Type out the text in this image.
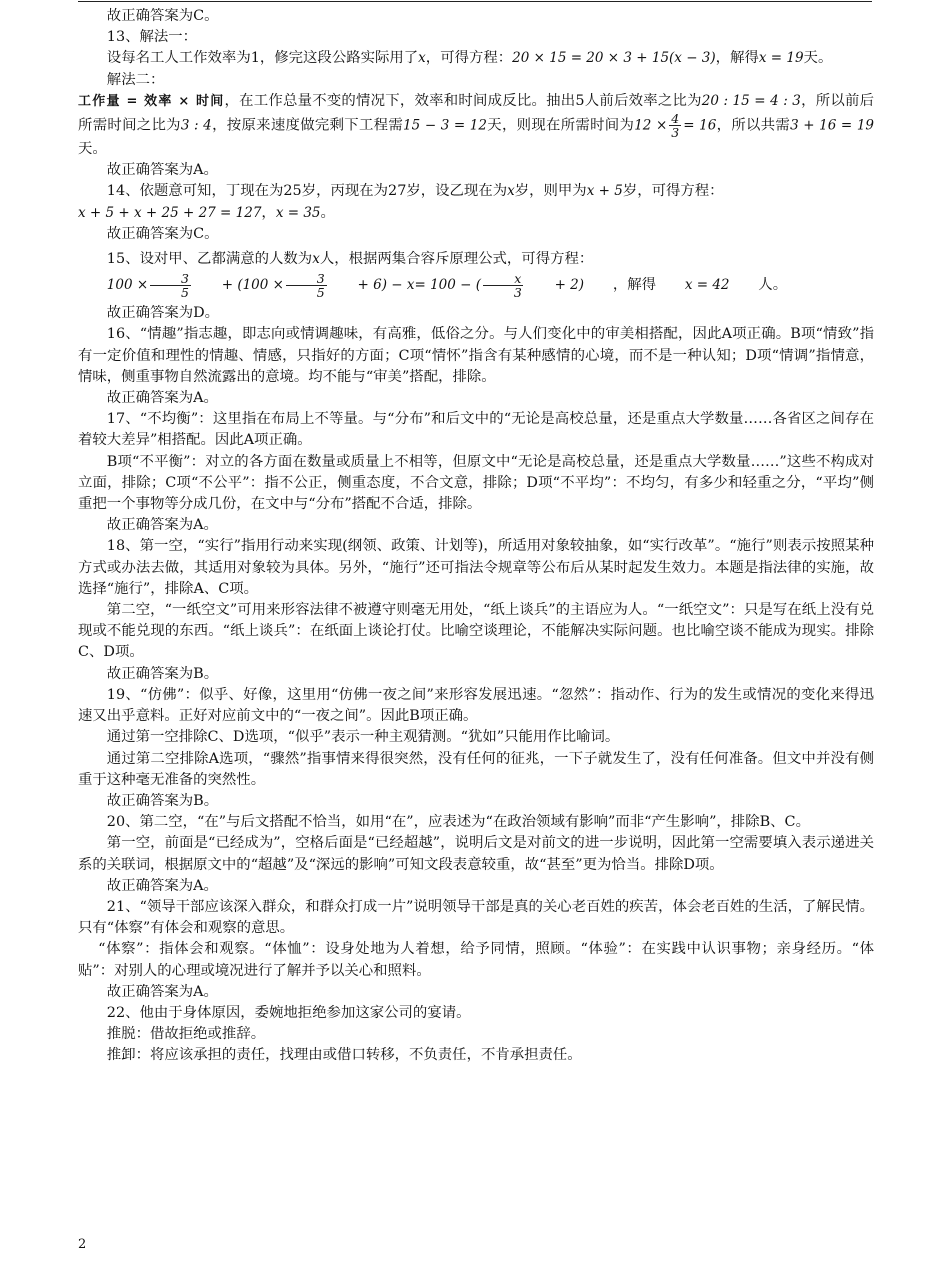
故正确答案为C。

13、解法一：

设每名工人工作效率为1，修完这段公路实际用了x，可得方程：20 × 15 = 20 × 3 + 15(x − 3)，解得x = 19天。

解法二：

工作量 = 效率 × 时间，在工作总量不变的情况下，效率和时间成反比。抽出5人前后效率之比为20 : 15 = 4 : 3，所以前后所需时间之比为3 : 4，按原来速度做完剩下工程需15 − 3 = 12天，则现在所需时间为$12 \times \frac{4}{3} = 16$，所以共需3 + 16 = 19天。

故正确答案为A。

14、依题意可知，丁现在为25岁，丙现在为27岁，设乙现在为x岁，则甲为x + 5岁，可得方程：

x + 5 + x + 25 + 27 = 127，x = 35。

故正确答案为C。

15、设对甲、乙都满意的人数为x人，根据两集合容斥原理公式，可得方程：

$100 \times \frac{3}{5}$	+ ($100 \times \frac{3}{5}$	+ 6) − x= 100 − ( $\frac{x}{3}$	+ 2)	，解得	x = 42	人。

故正确答案为D。

16、“情趣”指志趣，即志向或情调趣味，有高雅，低俗之分。与人们变化中的审美相搭配，因此A项正确。B项“情致”指有一定价值和理性的情趣、情感，只指好的方面；C项“情怀”指含有某种感情的心境，而不是一种认知；D项“情调”指情意，情味，侧重事物自然流露出的意境。均不能与“审美”搭配，排除。

故正确答案为A。

17、“不均衡”：这里指在布局上不等量。与“分布”和后文中的“无论是高校总量，还是重点大学数量……各省区之间存在着较大差异”相搭配。因此A项正确。

B项“不平衡”：对立的各方面在数量或质量上不相等，但原文中“无论是高校总量，还是重点大学数量……”这些不构成对立面，排除；C项“不公平”：指不公正，侧重态度，不合文意，排除；D项“不平均”：不均匀，有多少和轻重之分，“平均”侧重把一个事物等分成几份，在文中与“分布”搭配不合适，排除。

故正确答案为A。

18、第一空，“实行”指用行动来实现(纲领、政策、计划等)，所适用对象较抽象，如“实行改革”。“施行”则表示按照某种方式或办法去做，其适用对象较为具体。另外，“施行”还可指法令规章等公布后从某时起发生效力。本题是指法律的实施，故选择“施行”，排除A、C项。

第二空，“一纸空文”可用来形容法律不被遵守则毫无用处，“纸上谈兵”的主语应为人。“一纸空文”：只是写在纸上没有兑现或不能兑现的东西。“纸上谈兵”：在纸面上谈论打仗。比喻空谈理论，不能解决实际问题。也比喻空谈不能成为现实。排除C、D项。

故正确答案为B。

19、“仿佛”：似乎、好像，这里用“仿佛一夜之间”来形容发展迅速。“忽然”：指动作、行为的发生或情况的变化来得迅速又出乎意料。正好对应前文中的“一夜之间”。因此B项正确。

通过第一空排除C、D选项，“似乎”表示一种主观猜测。“犹如”只能用作比喻词。

通过第二空排除A选项，“骤然”指事情来得很突然，没有任何的征兆，一下子就发生了，没有任何准备。但文中并没有侧重于这种毫无准备的突然性。

故正确答案为B。

20、第二空，“在”与后文搭配不恰当，如用“在”，应表述为“在政治领域有影响”而非“产生影响”，排除B、C。

第一空，前面是“已经成为”，空格后面是“已经超越”，说明后文是对前文的进一步说明，因此第一空需要填入表示递进关系的关联词，根据原文中的“超越”及“深远的影响”可知文段表意较重，故“甚至”更为恰当。排除D项。

故正确答案为A。

21、“领导干部应该深入群众，和群众打成一片”说明领导干部是真的关心老百姓的疾苦，体会老百姓的生活，了解民情。只有“体察”有体会和观察的意思。

“体察”：指体会和观察。“体恤”：设身处地为人着想，给予同情，照顾。“体验”：在实践中认识事物；亲身经历。“体贴”：对别人的心理或境况进行了解并予以关心和照料。

故正确答案为A。

22、他由于身体原因，委婉地拒绝参加这家公司的宴请。

推脱：借故拒绝或推辞。

推卸：将应该承担的责任，找理由或借口转移，不负责任，不肯承担责任。

2
